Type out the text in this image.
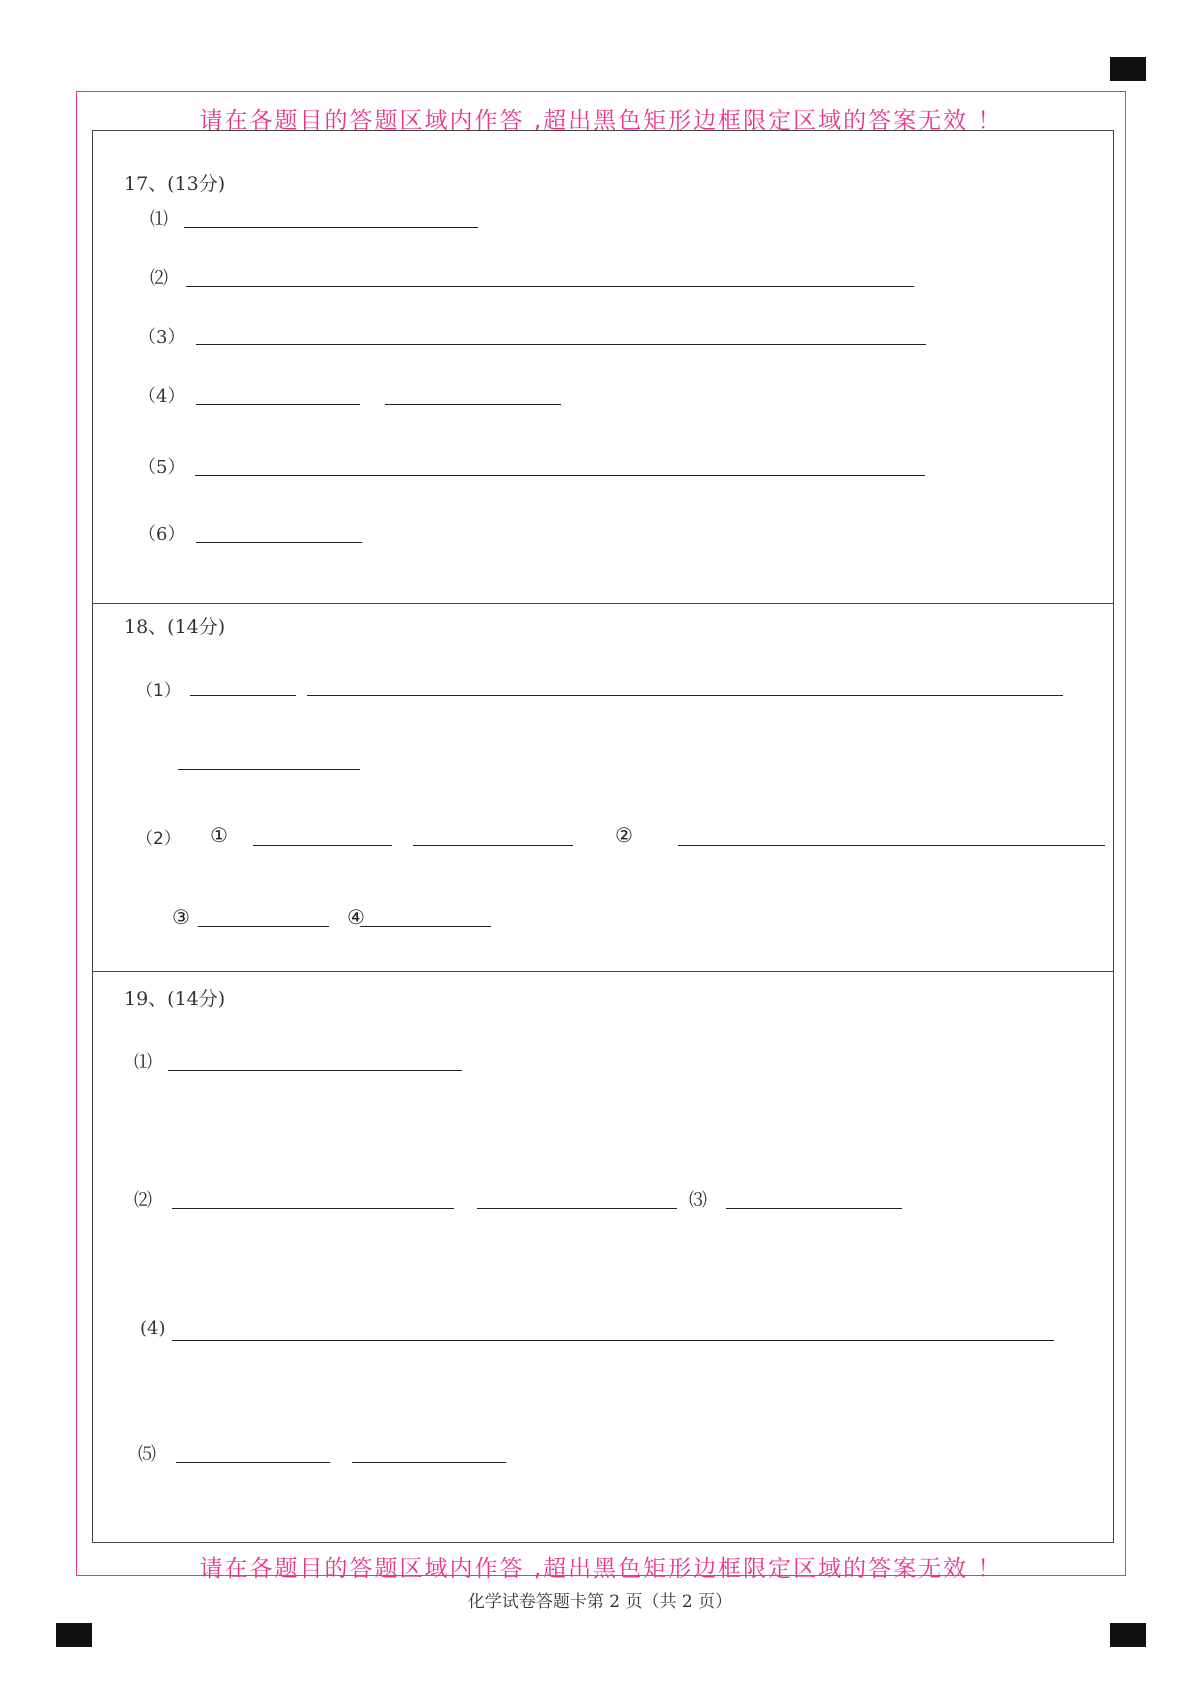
请在各题目的答题区域内作答 ,超出黑色矩形边框限定区域的答案无效 ！
请在各题目的答题区域内作答 ,超出黑色矩形边框限定区域的答案无效 ！
17、(13分)
⑴
⑵
（3）
（4）
（5）
（6）
18、(14分)
（1）
（2） ①	②
③	④
19、(14分)
⑴
⑵	⑶
(4)
⑸
化学试卷答题卡第 2 页（共 2 页）
